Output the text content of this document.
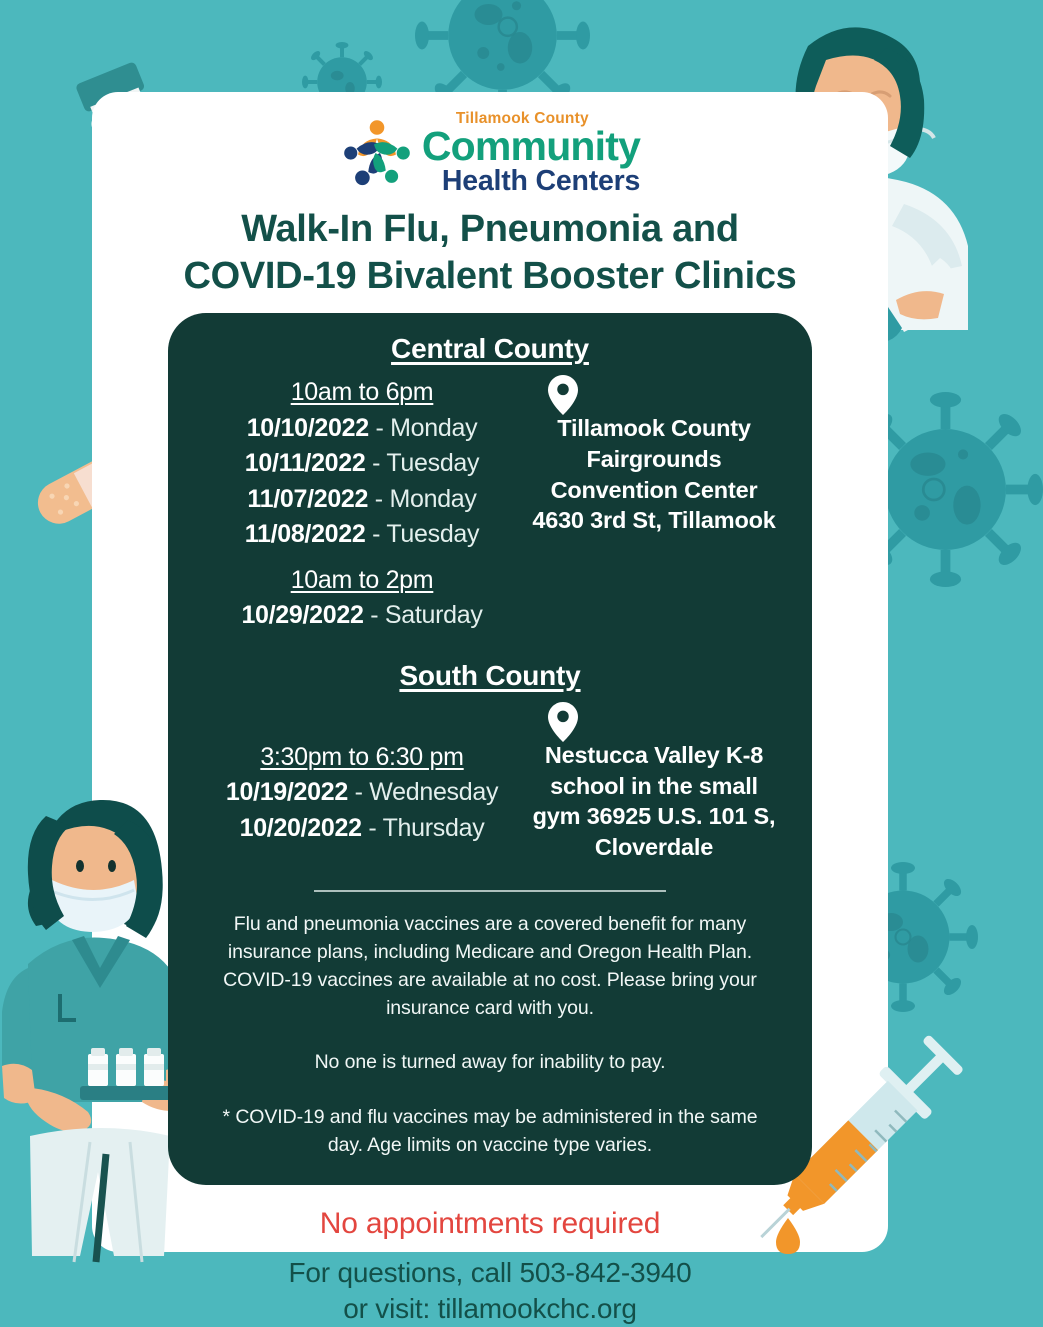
Tillamook County
Community
Health Centers
Walk-In Flu, Pneumonia and
COVID-19 Bivalent Booster Clinics
Central County
10am to 6pm
10/10/2022 - Monday
10/11/2022 - Tuesday
11/07/2022 - Monday
11/08/2022 - Tuesday
10am to 2pm
10/29/2022 - Saturday
Tillamook County Fairgrounds Convention Center 4630 3rd St, Tillamook
South County
3:30pm to 6:30 pm
10/19/2022 - Wednesday
10/20/2022 - Thursday
Nestucca Valley K-8 school in the small gym 36925 U.S. 101 S, Cloverdale

Flu and pneumonia vaccines are a covered benefit for many insurance plans, including Medicare and Oregon Health Plan. COVID-19 vaccines are available at no cost. Please bring your insurance card with you.

No one is turned away for inability to pay.

* COVID-19 and flu vaccines may be administered in the same day. Age limits on vaccine type varies.

No appointments required
For questions, call 503-842-3940
or visit: tillamookchc.org
